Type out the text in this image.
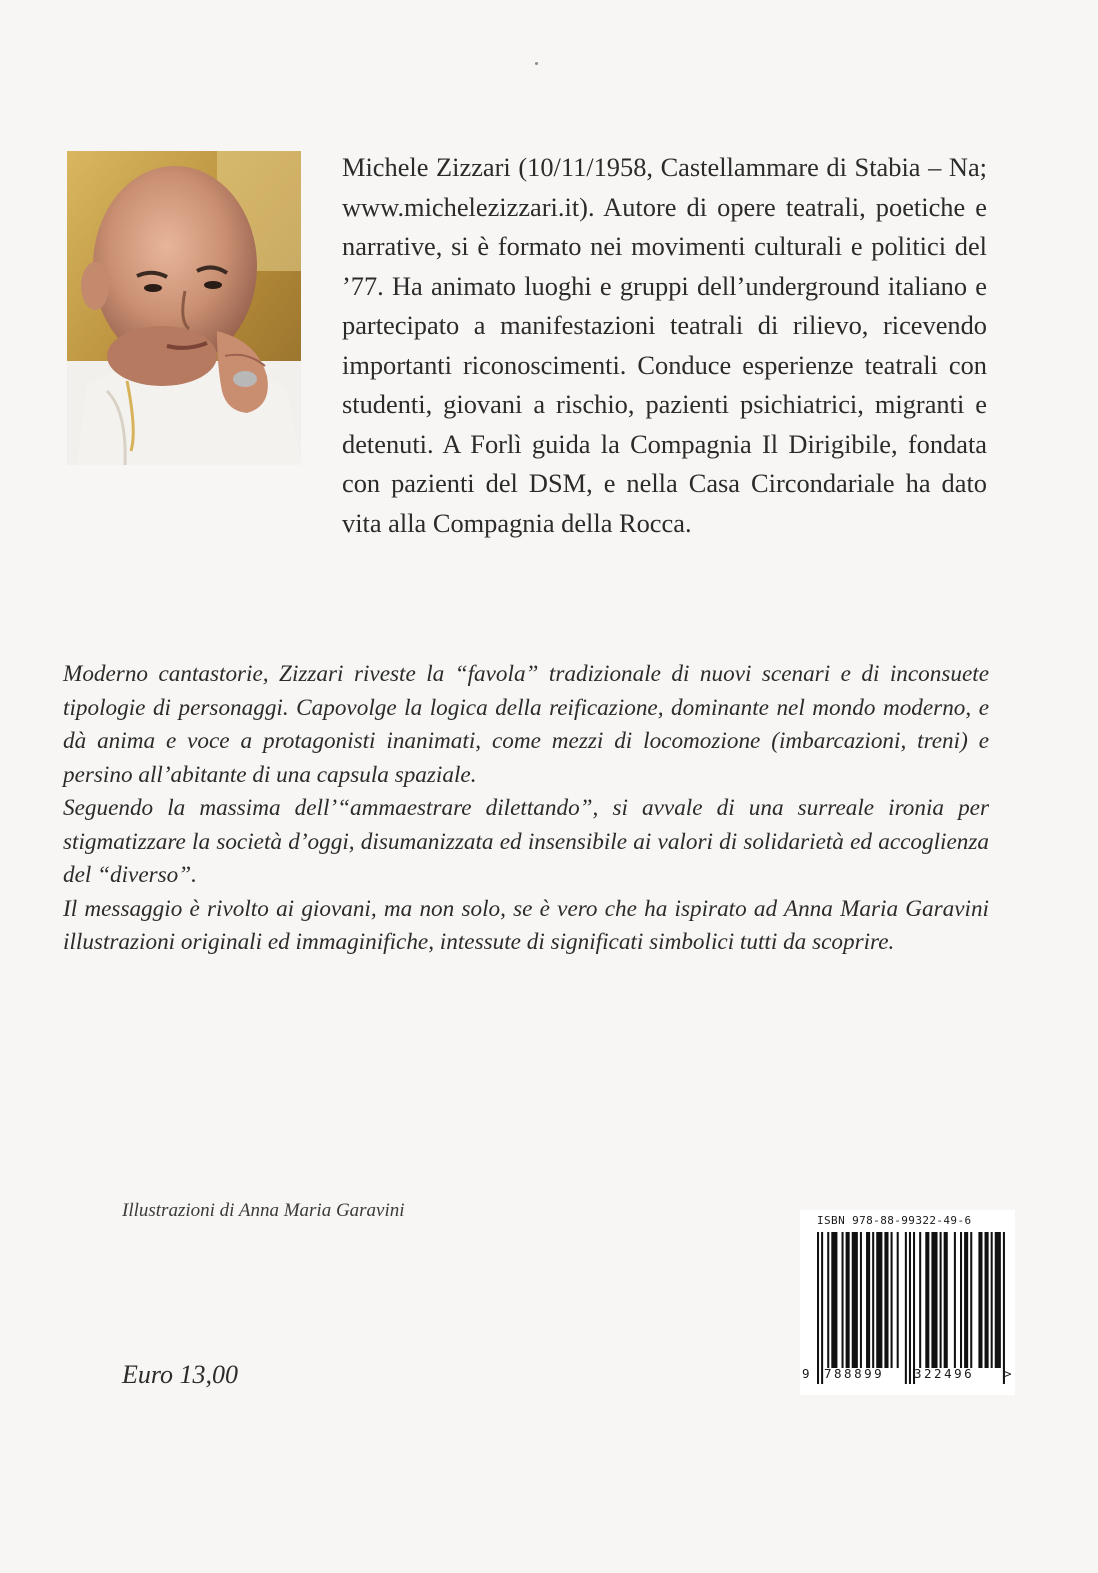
Michele Zizzari (10/11/1958, Castellammare di Stabia – Na; www.michelezizzari.it). Autore di opere teatrali, poetiche e narrative, si è formato nei movimenti culturali e politici del ’77. Ha animato luoghi e gruppi dell’underground italiano e partecipato a manifestazioni teatrali di rilievo, ricevendo importanti riconoscimenti. Conduce esperienze teatrali con studenti, giovani a rischio, pazienti psichiatrici, migranti e detenuti. A Forlì guida la Compagnia Il Dirigibile, fondata con pazienti del DSM, e nella Casa Circondariale ha dato vita alla Compagnia della Rocca.

Moderno cantastorie, Zizzari riveste la “favola” tradizionale di nuovi scenari e di inconsuete tipologie di personaggi. Capovolge la logica della reificazione, dominante nel mondo moderno, e dà anima e voce a protagonisti inanimati, come mezzi di locomozione (imbarcazioni, treni) e persino all’abitante di una capsula spaziale.

Seguendo la massima dell’“ammaestrare dilettando”, si avvale di una surreale ironia per stigmatizzare la società d’oggi, disumanizzata ed insensibile ai valori di solidarietà ed accoglienza del “diverso”.

Il messaggio è rivolto ai giovani, ma non solo, se è vero che ha ispirato ad Anna Maria Garavini illustrazioni originali ed immaginifiche, intessute di significati simbolici tutti da scoprire.

Illustrazioni di Anna Maria Garavini
Euro 13,00
ISBN 978-88-99322-49-6
9 788899 322496 >
